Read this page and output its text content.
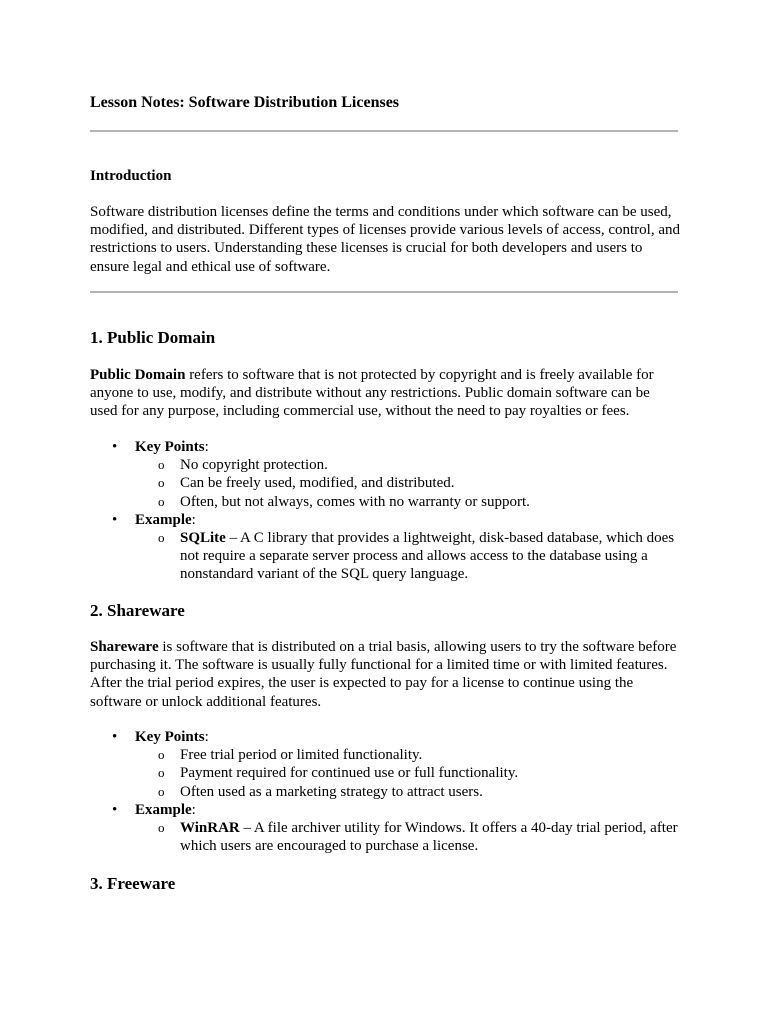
Lesson Notes: Software Distribution Licenses
Introduction

Software distribution licenses define the terms and conditions under which software can be used, modified, and distributed. Different types of licenses provide various levels of access, control, and restrictions to users. Understanding these licenses is crucial for both developers and users to ensure legal and ethical use of software.

1. Public Domain

Public Domain refers to software that is not protected by copyright and is freely available for anyone to use, modify, and distribute without any restrictions. Public domain software can be used for any purpose, including commercial use, without the need to pay royalties or fees.

• Key Points:
o No copyright protection.
o Can be freely used, modified, and distributed.
o Often, but not always, comes with no warranty or support.
• Example:
o SQLite – A C library that provides a lightweight, disk-based database, which does not require a separate server process and allows access to the database using a nonstandard variant of the SQL query language.
2. Shareware

Shareware is software that is distributed on a trial basis, allowing users to try the software before purchasing it. The software is usually fully functional for a limited time or with limited features. After the trial period expires, the user is expected to pay for a license to continue using the software or unlock additional features.

• Key Points:
o Free trial period or limited functionality.
o Payment required for continued use or full functionality.
o Often used as a marketing strategy to attract users.
• Example:
o WinRAR – A file archiver utility for Windows. It offers a 40-day trial period, after which users are encouraged to purchase a license.
3. Freeware
